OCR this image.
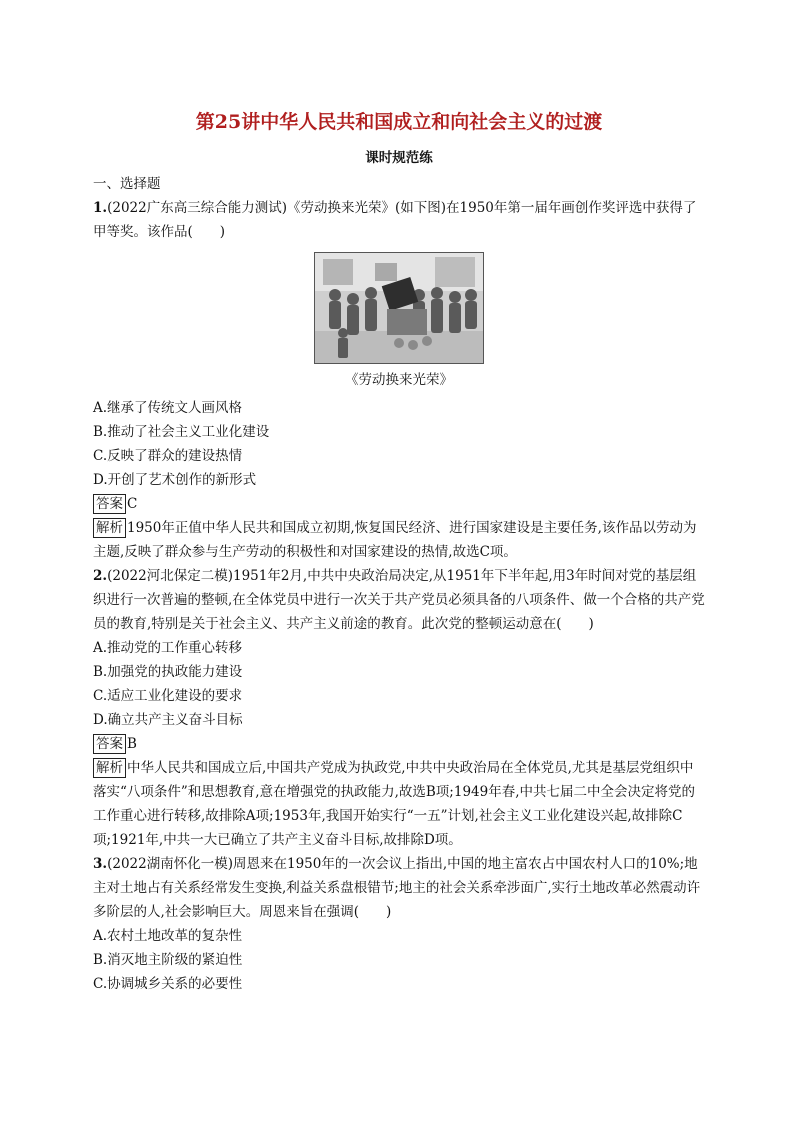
第25讲中华人民共和国成立和向社会主义的过渡
课时规范练
一、选择题

1.(2022广东高三综合能力测试)《劳动换来光荣》(如下图)在1950年第一届年画创作奖评选中获得了甲等奖。该作品(　　)

《劳动换来光荣》

A.继承了传统文人画风格

B.推动了社会主义工业化建设

C.反映了群众的建设热情

D.开创了艺术创作的新形式

答案 C

解析 1950年正值中华人民共和国成立初期,恢复国民经济、进行国家建设是主要任务,该作品以劳动为主题,反映了群众参与生产劳动的积极性和对国家建设的热情,故选C项。

2.(2022河北保定二模)1951年2月,中共中央政治局决定,从1951年下半年起,用3年时间对党的基层组织进行一次普遍的整顿,在全体党员中进行一次关于共产党员必须具备的八项条件、做一个合格的共产党员的教育,特别是关于社会主义、共产主义前途的教育。此次党的整顿运动意在(　　)

A.推动党的工作重心转移

B.加强党的执政能力建设

C.适应工业化建设的要求

D.确立共产主义奋斗目标

答案 B

解析 中华人民共和国成立后,中国共产党成为执政党,中共中央政治局在全体党员,尤其是基层党组织中落实“八项条件”和思想教育,意在增强党的执政能力,故选B项;1949年春,中共七届二中全会决定将党的工作重心进行转移,故排除A项;1953年,我国开始实行“一五”计划,社会主义工业化建设兴起,故排除C项;1921年,中共一大已确立了共产主义奋斗目标,故排除D项。

3.(2022湖南怀化一模)周恩来在1950年的一次会议上指出,中国的地主富农占中国农村人口的10%;地主对土地占有关系经常发生变换,利益关系盘根错节;地主的社会关系牵涉面广,实行土地改革必然震动许多阶层的人,社会影响巨大。周恩来旨在强调(　　)

A.农村土地改革的复杂性

B.消灭地主阶级的紧迫性

C.协调城乡关系的必要性
